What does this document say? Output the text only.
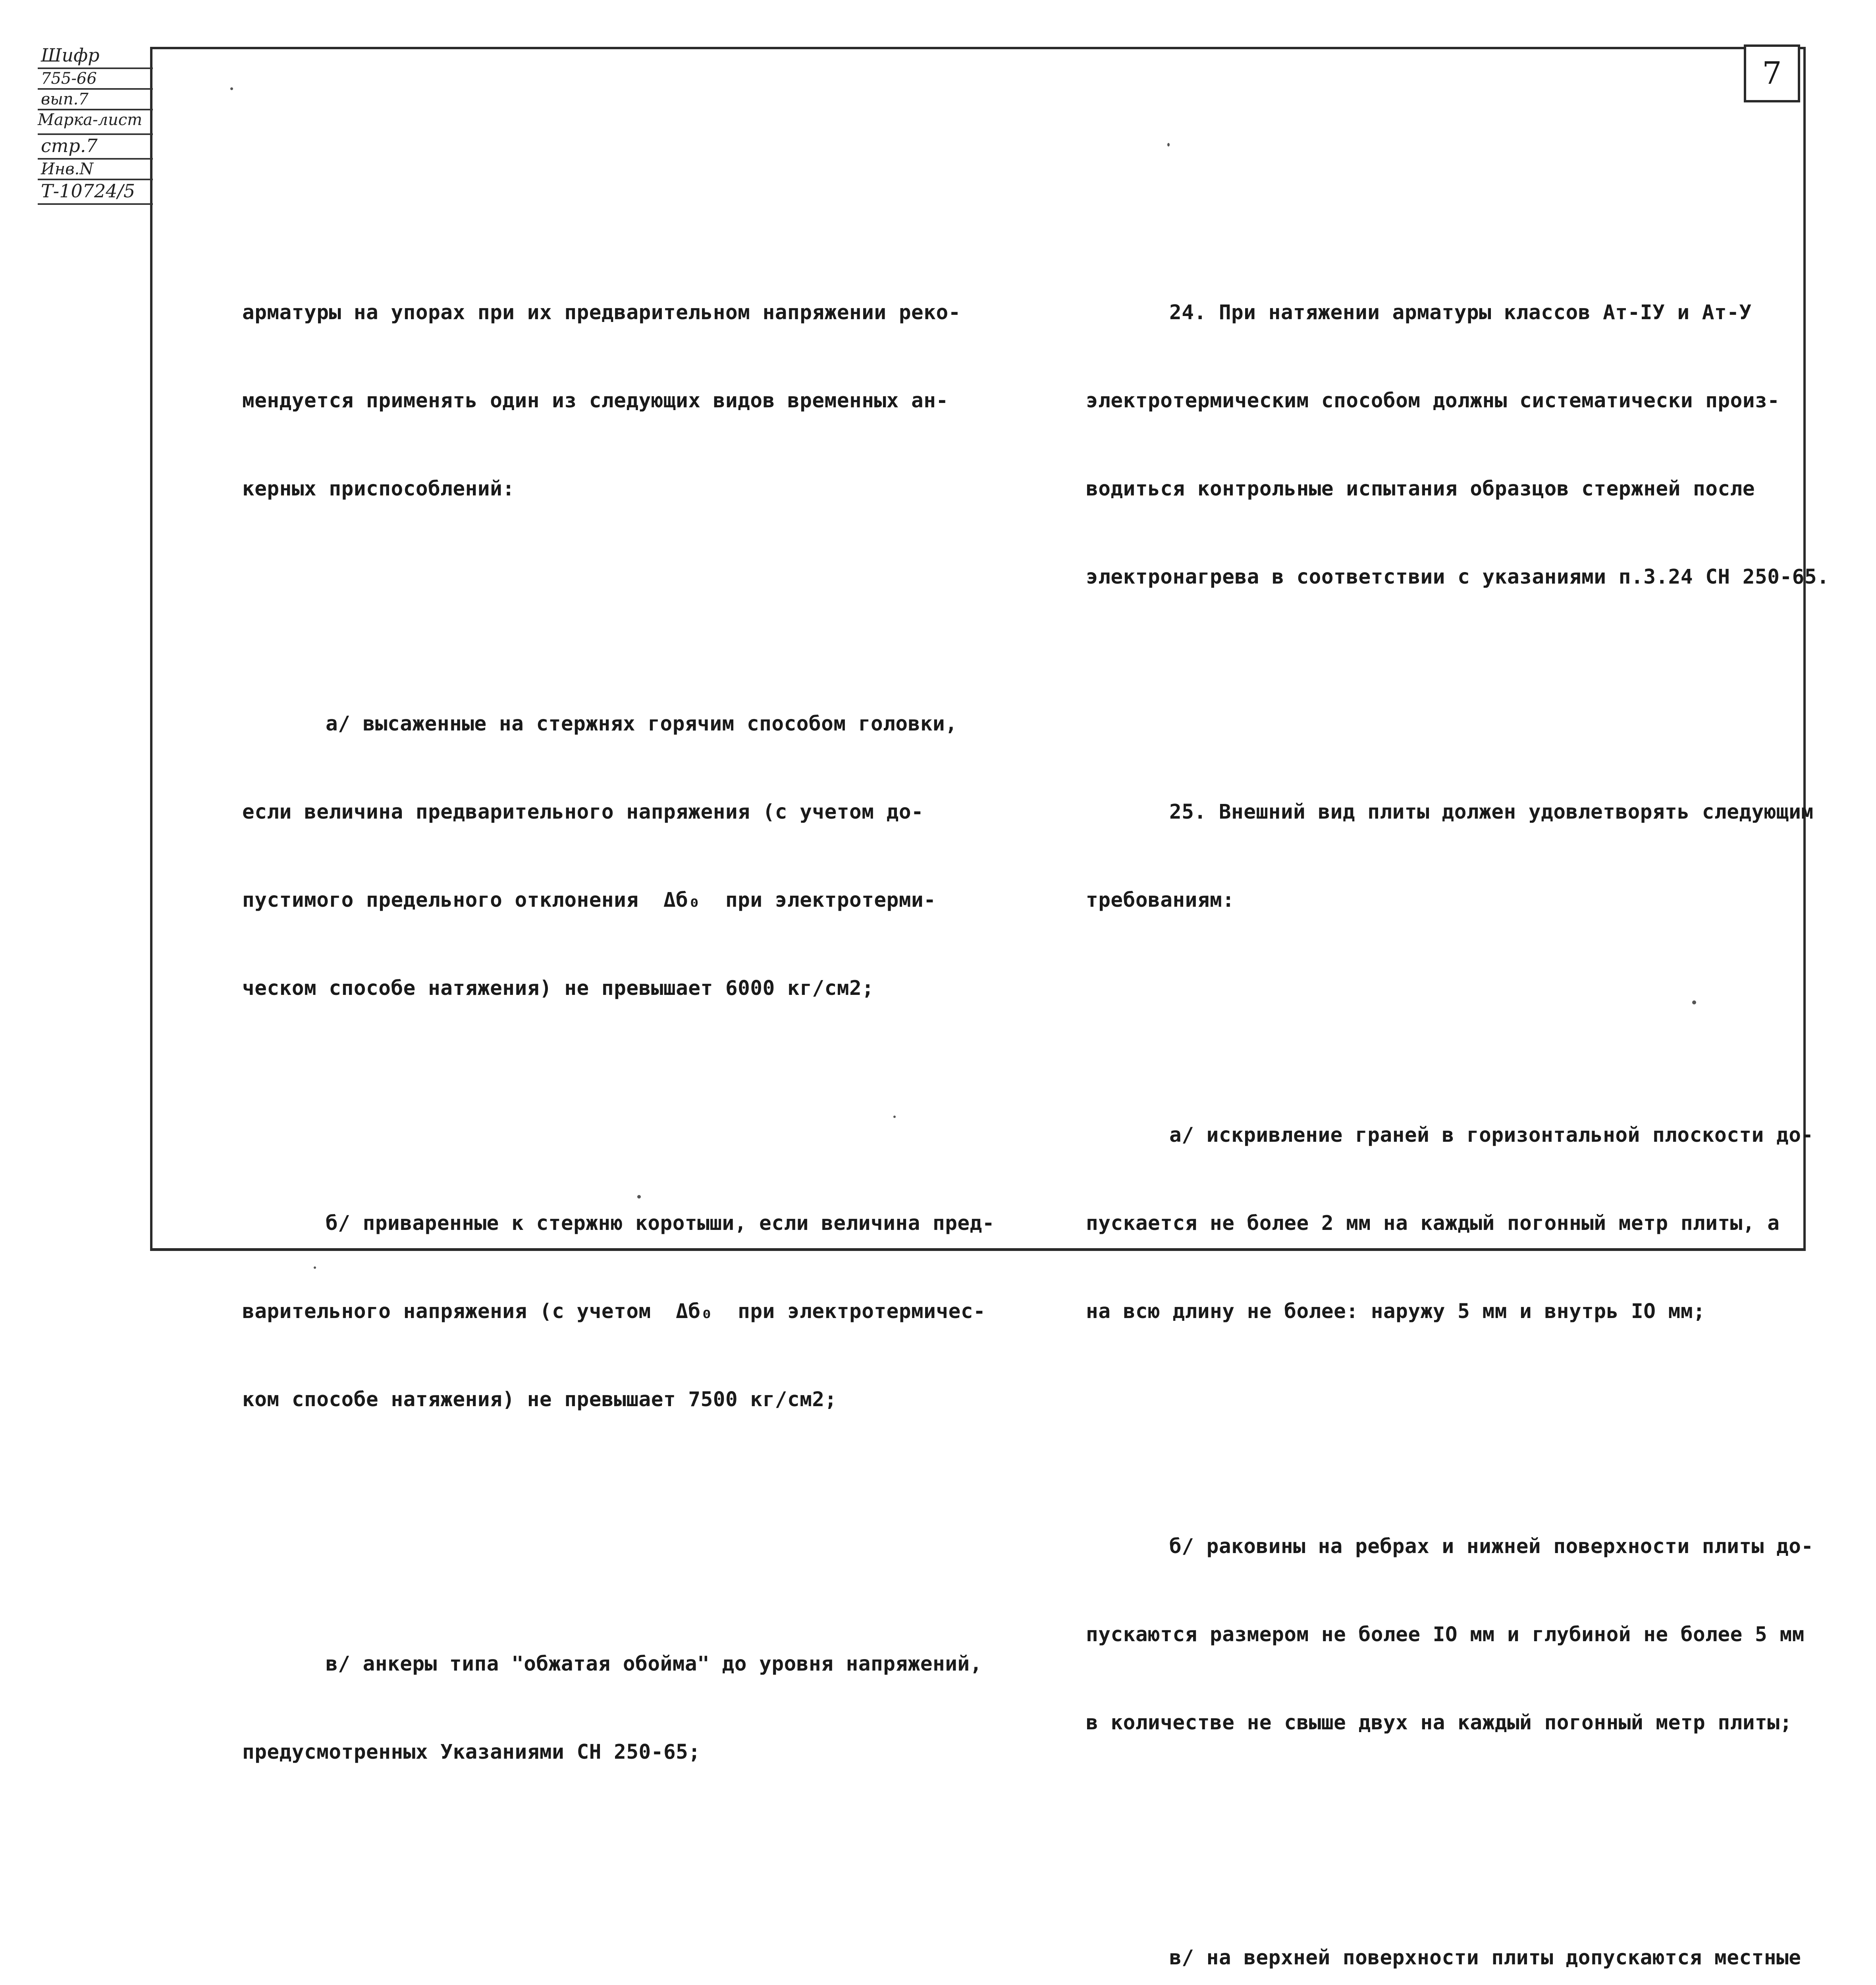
7
Шифр
755-66
вып.7
Марка-лист
стр.7
Инв.N
Т-10724/5

арматуры на упорах при их предварительном напряжении реко-

мендуется применять один из следующих видов временных ан-

керных приспособлений:

а/ высаженные на стержнях горячим способом головки,

если величина предварительного напряжения (с учетом до-

пустимого предельного отклонения  Δб₀  при электротерми-

ческом способе натяжения) не превышает 6000 кг/см2;

б/ приваренные к стержню коротыши, если величина пред-

варительного напряжения (с учетом  Δб₀  при электротермичес-

ком способе натяжения) не превышает 7500 кг/см2;

в/ анкеры типа "обжатая обойма" до уровня напряжений,

предусмотренных Указаниями СН 250-65;

24. При натяжении арматуры классов Ат-IУ и Ат-У

электротермическим способом должны систематически произ-

водиться контрольные испытания образцов стержней после

электронагрева в соответствии с указаниями п.3.24 СН 250-65.

25. Внешний вид плиты должен удовлетворять следующим

требованиям:

а/ искривление граней в горизонтальной плоскости до-

пускается не более 2 мм на каждый погонный метр плиты, а

на всю длину не более: наружу 5 мм и внутрь IO мм;

б/ раковины на ребрах и нижней поверхности плиты до-

пускаются размером не более IO мм и глубиной не более 5 мм

в количестве не свыше двух на каждый погонный метр плиты;

в/ на верхней поверхности плиты допускаются местные
